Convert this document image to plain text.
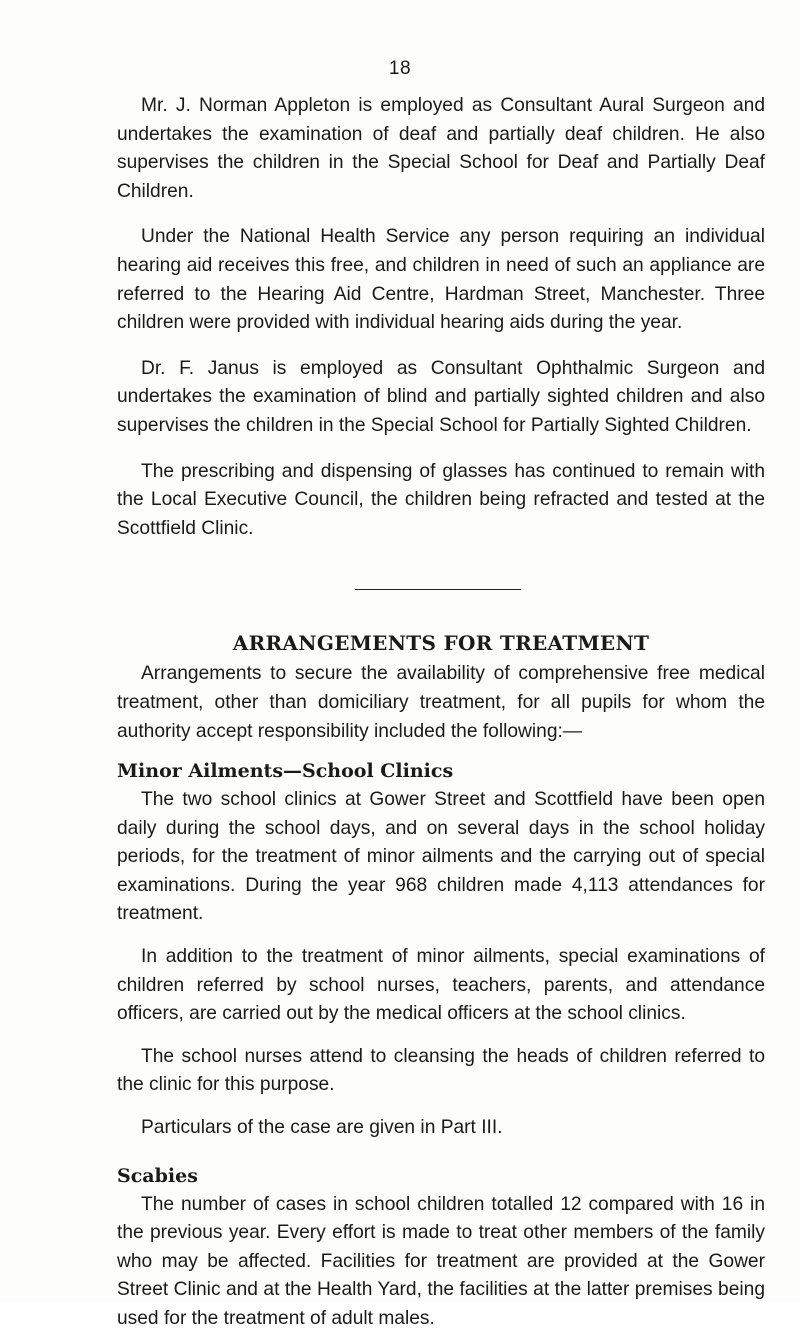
18

Mr. J. Norman Appleton is employed as Consultant Aural Surgeon and undertakes the examination of deaf and partially deaf children. He also supervises the children in the Special School for Deaf and Partially Deaf Children.

Under the National Health Service any person requiring an individual hearing aid receives this free, and children in need of such an appliance are referred to the Hearing Aid Centre, Hardman Street, Manchester. Three children were provided with individual hearing aids during the year.

Dr. F. Janus is employed as Consultant Ophthalmic Surgeon and undertakes the examination of blind and partially sighted children and also supervises the children in the Special School for Partially Sighted Children.

The prescribing and dispensing of glasses has continued to remain with the Local Executive Council, the children being refracted and tested at the Scottfield Clinic.

ARRANGEMENTS FOR TREATMENT

Arrangements to secure the availability of comprehensive free medical treatment, other than domiciliary treatment, for all pupils for whom the authority accept responsibility included the following:—

Minor Ailments—School Clinics

The two school clinics at Gower Street and Scottfield have been open daily during the school days, and on several days in the school holiday periods, for the treatment of minor ailments and the carrying out of special examinations. During the year 968 children made 4,113 attendances for treatment.

In addition to the treatment of minor ailments, special examinations of children referred by school nurses, teachers, parents, and attendance officers, are carried out by the medical officers at the school clinics.

The school nurses attend to cleansing the heads of children referred to the clinic for this purpose.

Particulars of the case are given in Part III.

Scabies

The number of cases in school children totalled 12 compared with 16 in the previous year. Every effort is made to treat other members of the family who may be affected. Facilities for treatment are provided at the Gower Street Clinic and at the Health Yard, the facilities at the latter premises being used for the treatment of adult males.
